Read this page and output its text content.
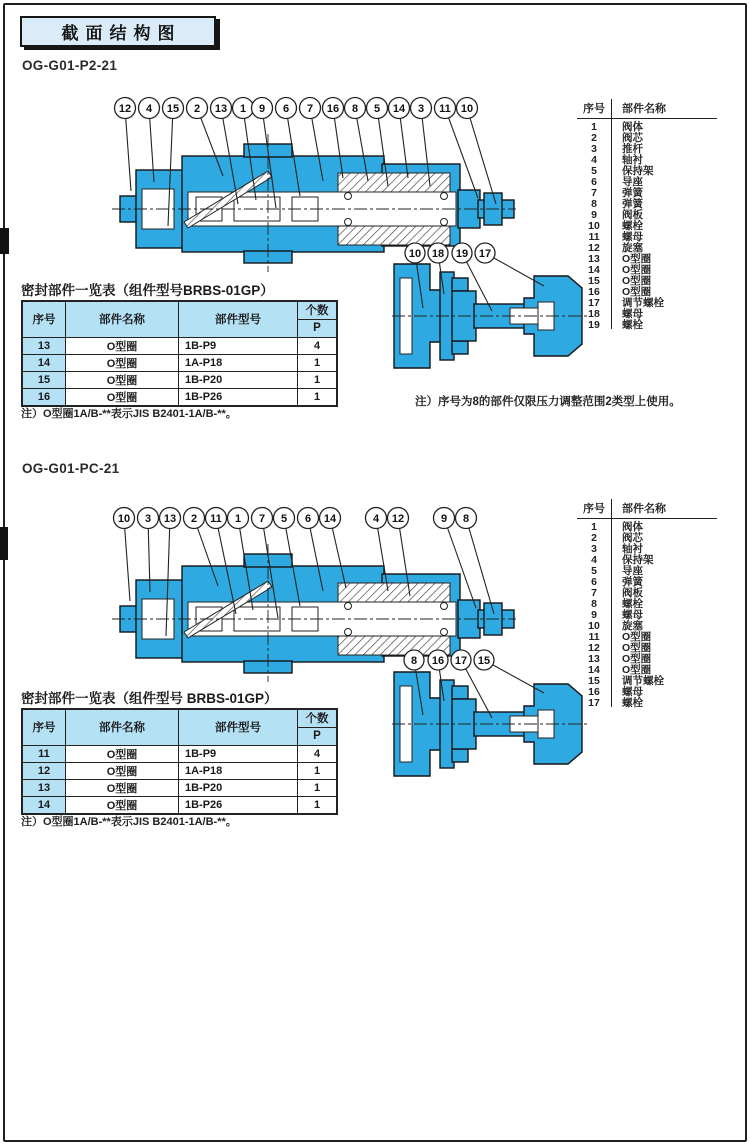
截面结构图
OG-G01-P2-21
12 4 15 2 13 1 9 6 7 16 8 5 14 3 11 10	序号	部件名称
1	阀体
2	阀芯
3	推杆
4	轴衬
5	保持架
6	导座
7	弹簧
8	弹簧
9	阀板
10	螺栓
11	螺母
12	旋塞
13	O型圈
14	O型圈
15	O型圈
16	O型圈
17	调节螺栓
18	螺母
19	螺栓
10 18 19 17
密封部件一览表（组件型号BRBS-01GP）
序号	部件名称	部件型号	个数
			P
13	O型圈	1B-P9	4
14	O型圈	1A-P18	1
15	O型圈	1B-P20	1
16	O型圈	1B-P26	1
注）O型圈1A/B-**表示JIS B2401-1A/B-**。
注）序号为8的部件仅限压力调整范围2类型上使用。
OG-G01-PC-21
10 3 13 2 11 1 7 5 6 14	4 12	9 8
序号	部件名称
1	阀体
2	阀芯
3	轴衬
4	保持架
5	导座
6	弹簧
7	阀板
8	螺栓
9	螺母
10	旋塞
11	O型圈
12	O型圈
13	O型圈
14	O型圈
15	调节螺栓
16	螺母
17	螺栓
8 16 17 15
密封部件一览表（组件型号 BRBS-01GP）
序号	部件名称	部件型号	个数
			P
11	O型圈	1B-P9	4
12	O型圈	1A-P18	1
13	O型圈	1B-P20	1
14	O型圈	1B-P26	1
注）O型圈1A/B-**表示JIS B2401-1A/B-**。
